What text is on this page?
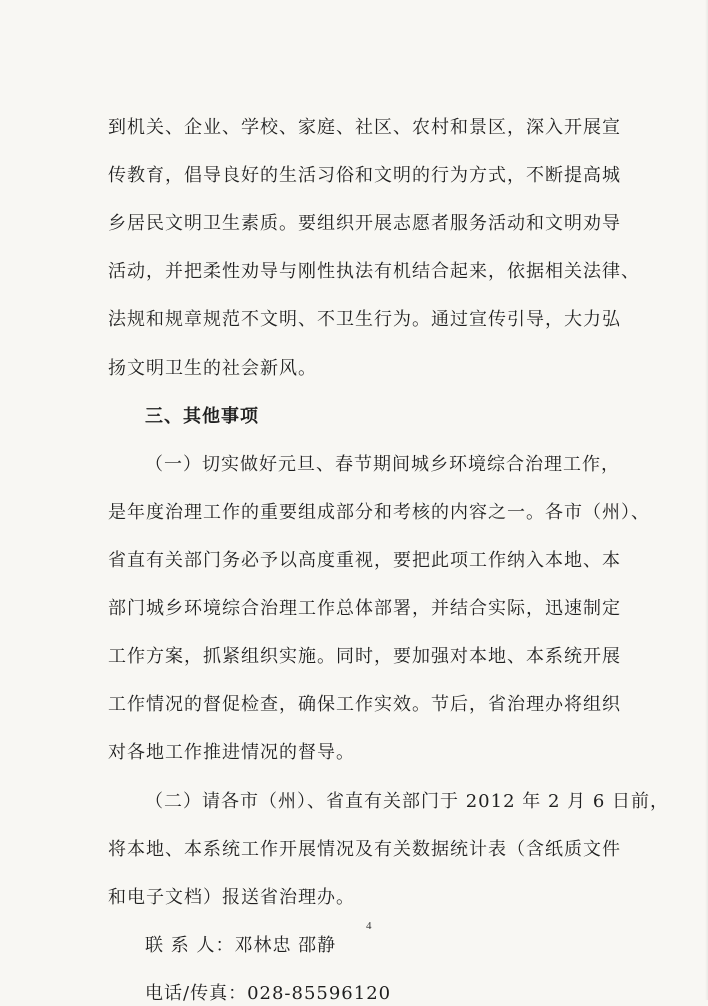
到机关、企业、学校、家庭、社区、农村和景区，深入开展宣
传教育，倡导良好的生活习俗和文明的行为方式，不断提高城
乡居民文明卫生素质。要组织开展志愿者服务活动和文明劝导
活动，并把柔性劝导与刚性执法有机结合起来，依据相关法律、
法规和规章规范不文明、不卫生行为。通过宣传引导，大力弘
扬文明卫生的社会新风。
三、其他事项
（一）切实做好元旦、春节期间城乡环境综合治理工作，
是年度治理工作的重要组成部分和考核的内容之一。各市（州）、
省直有关部门务必予以高度重视，要把此项工作纳入本地、本
部门城乡环境综合治理工作总体部署，并结合实际，迅速制定
工作方案，抓紧组织实施。同时，要加强对本地、本系统开展
工作情况的督促检查，确保工作实效。节后，省治理办将组织
对各地工作推进情况的督导。
（二）请各市（州）、省直有关部门于 2012 年 2 月 6 日前，
将本地、本系统工作开展情况及有关数据统计表（含纸质文件
和电子文档）报送省治理办。
4
联 系 人：邓林忠 邵静
电话/传真：028-85596120
